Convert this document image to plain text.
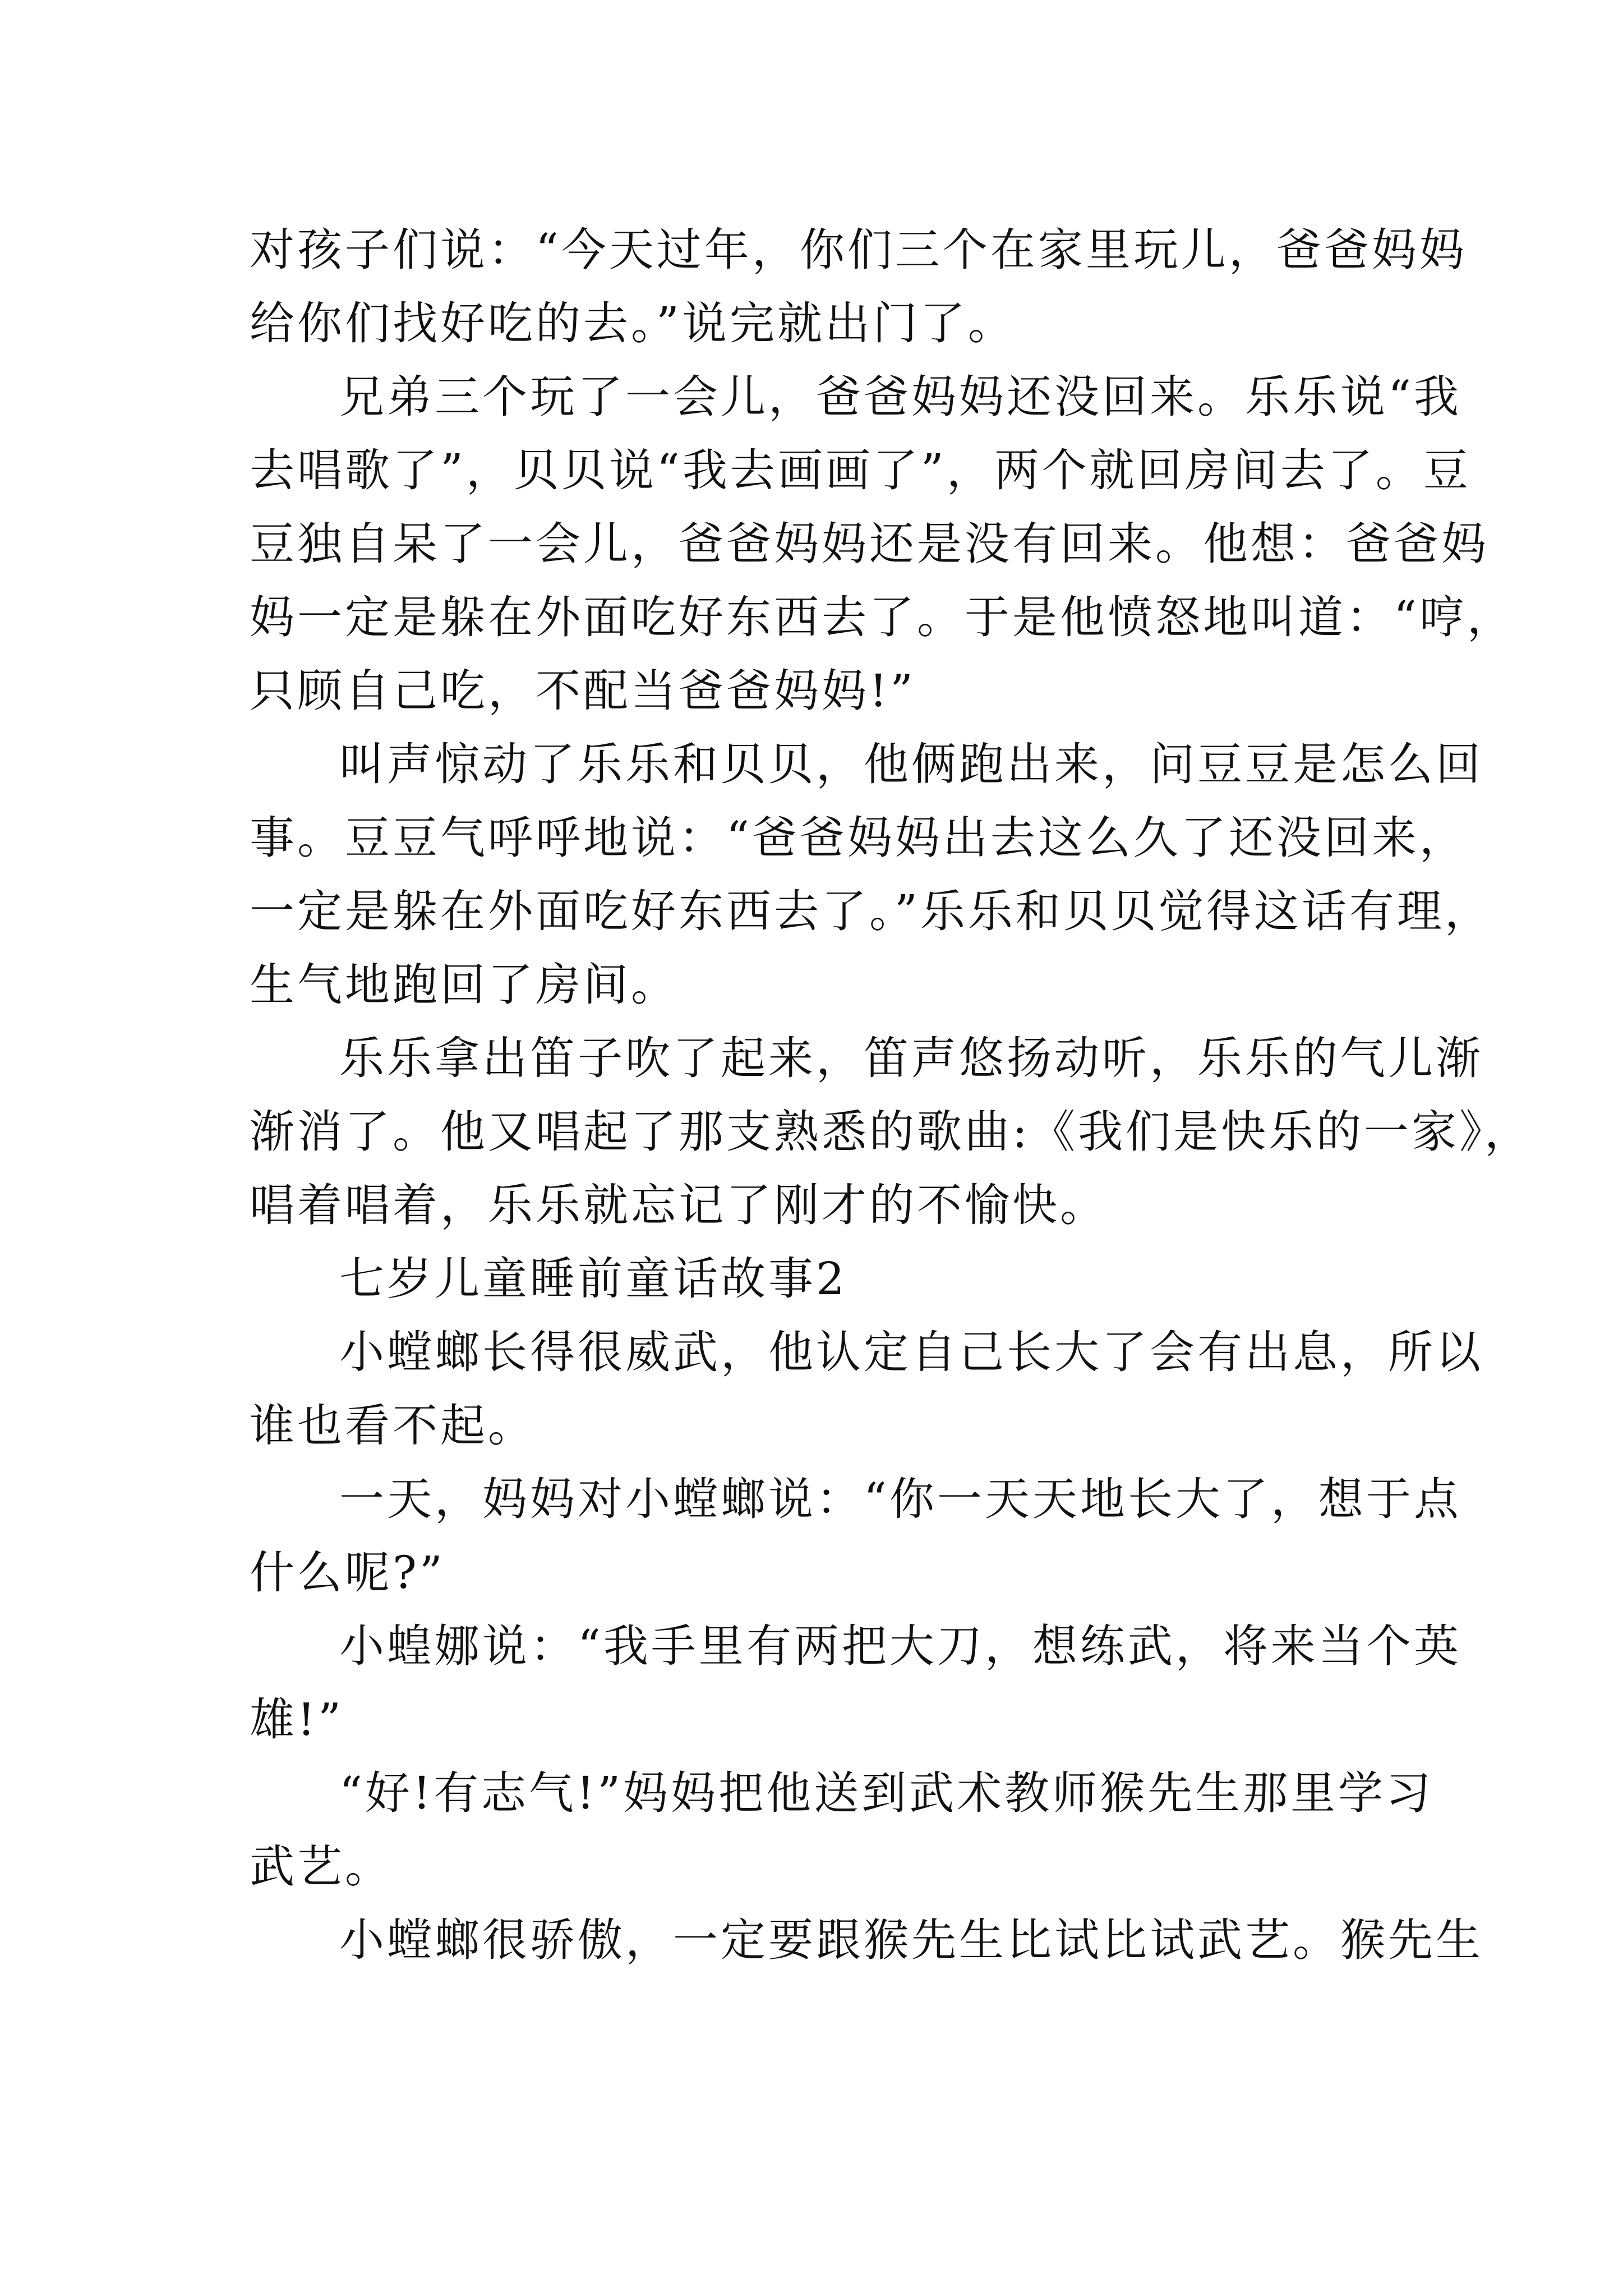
对孩子们说：“今天过年，你们三个在家里玩儿，爸爸妈妈
给你们找好吃的去。”说完就出门了。
兄弟三个玩了一会儿，爸爸妈妈还没回来。乐乐说“我
去唱歌了”，贝贝说“我去画画了”，两个就回房间去了。豆
豆独自呆了一会儿，爸爸妈妈还是没有回来。他想：爸爸妈
妈一定是躲在外面吃好东西去了。于是他愤怒地叫道：“哼，
只顾自己吃，不配当爸爸妈妈!”
叫声惊动了乐乐和贝贝，他俩跑出来，问豆豆是怎么回
事。豆豆气呼呼地说：“爸爸妈妈出去这么久了还没回来，
一定是躲在外面吃好东西去了。”乐乐和贝贝觉得这话有理，
生气地跑回了房间。
乐乐拿出笛子吹了起来，笛声悠扬动听，乐乐的气儿渐
渐消了。他又唱起了那支熟悉的歌曲:《我们是快乐的一家》，
唱着唱着，乐乐就忘记了刚才的不愉快。
七岁儿童睡前童话故事2
小螳螂长得很威武，他认定自己长大了会有出息，所以
谁也看不起。
一天，妈妈对小螳螂说：“你一天天地长大了，想于点
什么呢?”
小蝗娜说：“我手里有两把大刀，想练武，将来当个英
雄!”
“好!有志气!”妈妈把他送到武术教师猴先生那里学习
武艺。
小螳螂很骄傲，一定要跟猴先生比试比试武艺。猴先生
